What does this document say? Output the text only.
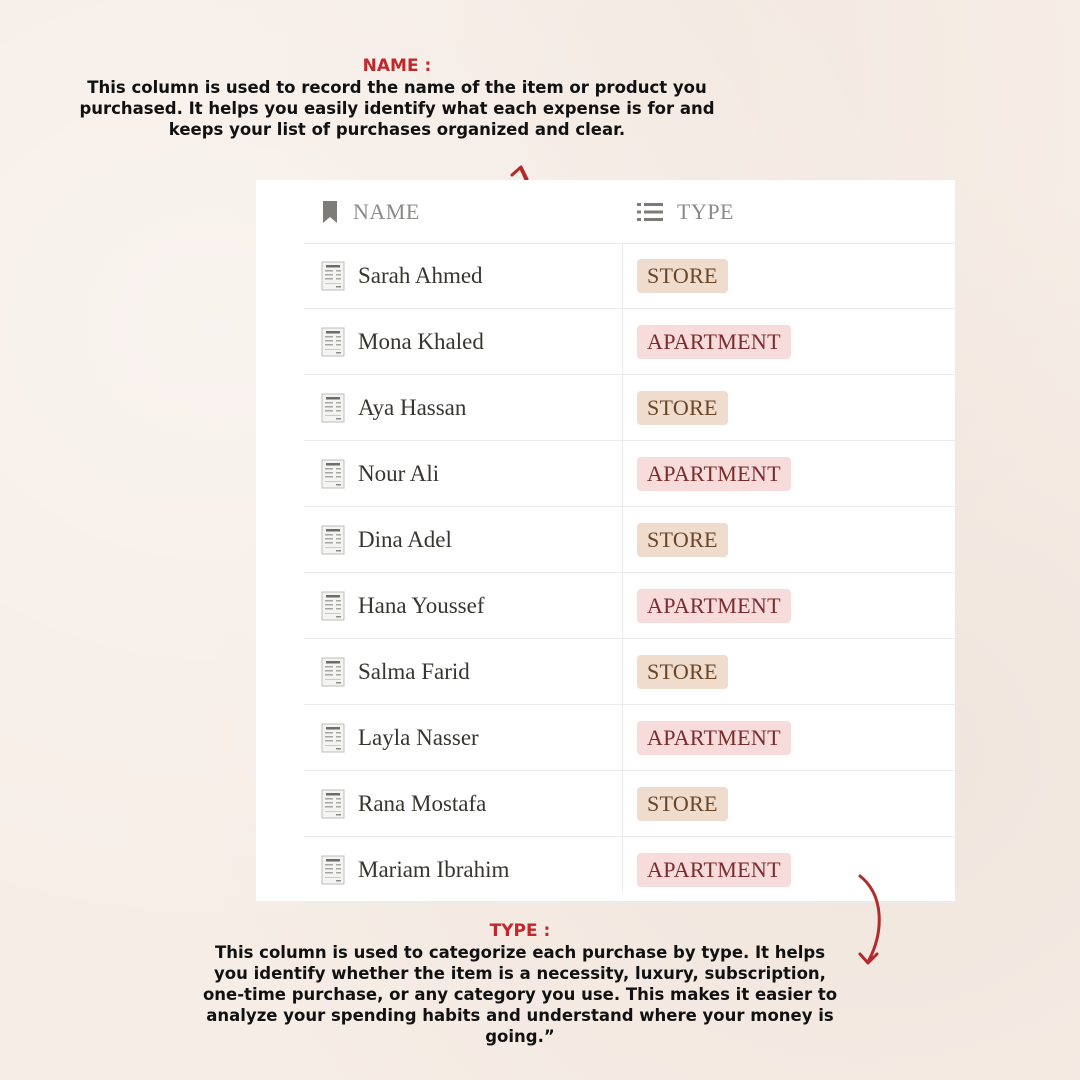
NAME :
This column is used to record the name of the item or product you
purchased. It helps you easily identify what each expense is for and
keeps your list of purchases organized and clear.
NAME	TYPE
Sarah Ahmed	STORE
Mona Khaled	APARTMENT
Aya Hassan	STORE
Nour Ali	APARTMENT
Dina Adel	STORE
Hana Youssef	APARTMENT
Salma Farid	STORE
Layla Nasser	APARTMENT
Rana Mostafa	STORE
Mariam Ibrahim	APARTMENT
TYPE :
This column is used to categorize each purchase by type. It helps
you identify whether the item is a necessity, luxury, subscription,
one-time purchase, or any category you use. This makes it easier to
analyze your spending habits and understand where your money is
going.”
